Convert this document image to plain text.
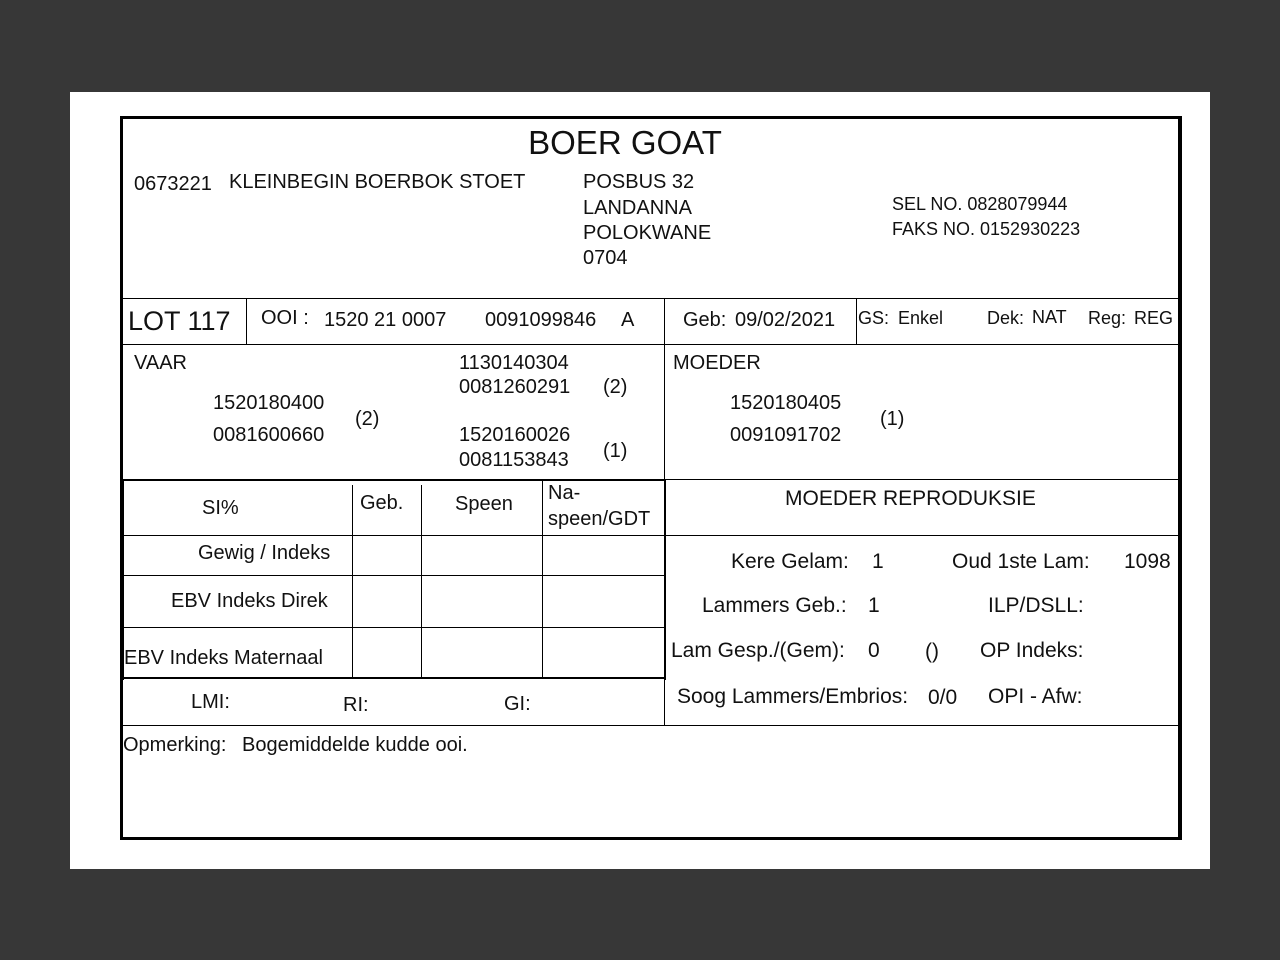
BOER GOAT
0673221 KLEINBEGIN BOERBOK STOET	POSBUS 32
LANDANNA
POLOKWANE
0704
SEL NO. 0828079944
FAKS NO. 0152930223
LOT 117 OOI : 1520 21 0007 0091099846 A Geb: 09/02/2021 GS: Enkel Dek: NAT Reg: REG
VAAR
1520180400
0081600660
(2)
1130140304
0081260291 (2)
1520160026
0081153843 (1)
MOEDER
1520180405
0091091702
(1)
SI%	Geb.	Speen Na-
speen/GDT
Gewig / Indeks
EBV Indeks Direk
EBV Indeks Maternaal
LMI:	RI:	GI:
MOEDER REPRODUKSIE
Kere Gelam: 1	Oud 1ste Lam: 1098
Lammers Geb.: 1	ILP/DSLL:
Lam Gesp./(Gem): 0 () OP Indeks:
Soog Lammers/Embrios: 0/0 OPI - Afw:
Opmerking: Bogemiddelde kudde ooi.
